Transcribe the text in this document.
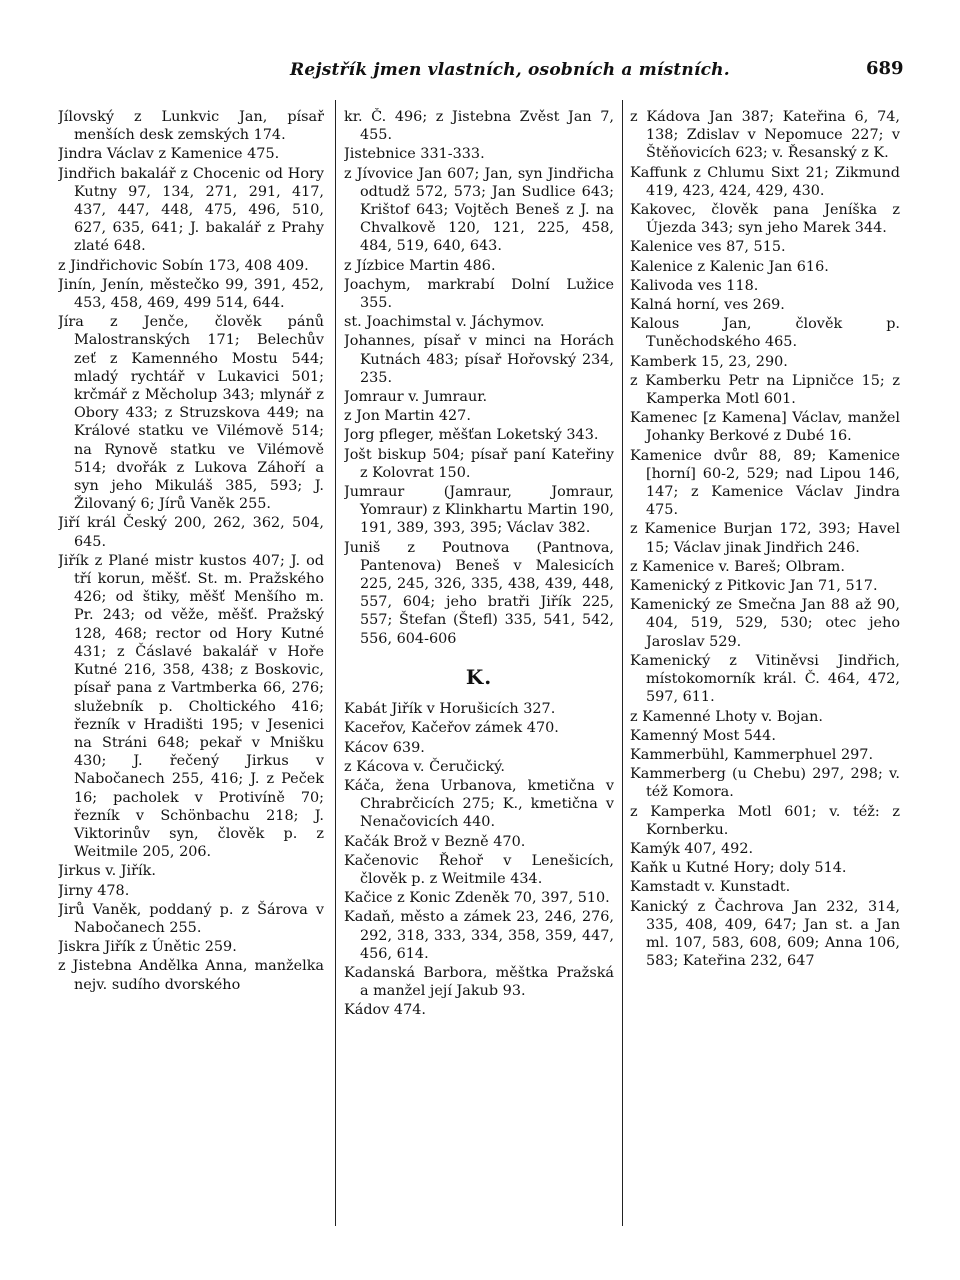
Rejstřík jmen vlastních, osobních a místních.	689
Jílovský z Lunkvic Jan, písař menších desk zemských 174.
Jindra Václav z Kamenice 475.
Jindřich bakalář z Chocenic od Hory Kutny 97, 134, 271, 291, 417, 437, 447, 448, 475, 496, 510, 627, 635, 641; J. bakalář z Prahy zlaté 648.
z Jindřichovic Sobín 173, 408 409.
Jinín, Jenín, městečko 99, 391, 452, 453, 458, 469, 499 514, 644.
Jíra z Jenče, člověk pánů Malostranských 171; Belechův zeť z Kamenného Mostu 544; mladý rychtář v Lukavici 501; krčmář z Měcholup 343; mlynář z Obory 433; z Struzskova 449; na Králové statku ve Vilémově 514; na Rynově statku ve Vilémově 514; dvořák z Lukova Záhoří a syn jeho Mikuláš 385, 593; J. Žilovaný 6; Jírů Vaněk 255.
Jiří král Český 200, 262, 362, 504, 645.
Jiřík z Plané mistr kustos 407; J. od tří korun, měšť. St. m. Pražského 426; od štiky, měšť Menšího m. Pr. 243; od věže, měšť. Pražský 128, 468; rector od Hory Kutné 431; z Čáslavé bakalář v Hoře Kutné 216, 358, 438; z Boskovic, písař pana z Vartmberka 66, 276; služebník p. Choltického 416; řezník v Hradišti 195; v Jesenici na Stráni 648; pekař v Mnišku 430; J. řečený Jirkus v Nabočanech 255, 416; J. z Peček 16; pacholek v Protivíně 70; řezník v Schönbachu 218; J. Viktorinův syn, člověk p. z Weitmile 205, 206.
Jirkus v. Jiřík.
Jirny 478.
Jirů Vaněk, poddaný p. z Šárova v Nabočanech 255.
Jiskra Jiřík z Únětic 259.
z Jistebna Andělka Anna, manželka nejv. sudího dvorského
kr. Č. 496; z Jistebna Zvěst Jan 7, 455.
Jistebnice 331-333.
z Jívovice Jan 607; Jan, syn Jindřicha odtudž 572, 573; Jan Sudlice 643; Krištof 643; Vojtěch Beneš z J. na Chvalkově 120, 121, 225, 458, 484, 519, 640, 643.
z Jízbice Martin 486.
Joachym, markrabí Dolní Lužice 355.
st. Joachimstal v. Jáchymov.
Johannes, písař v minci na Horách Kutnách 483; písař Hořovský 234, 235.
Jomraur v. Jumraur.
z Jon Martin 427.
Jorg pfleger, měšťan Loketský 343.
Jošt biskup 504; písař paní Kateřiny z Kolovrat 150.
Jumraur (Jamraur, Jomraur, Yomraur) z Klinkhartu Martin 190, 191, 389, 393, 395; Václav 382.
Juniš z Poutnova (Pantnova, Pantenova) Beneš v Malesicích 225, 245, 326, 335, 438, 439, 448, 557, 604; jeho bratři Jiřík 225, 557; Štefan (Štefl) 335, 541, 542, 556, 604-606
K.
Kabát Jiřík v Horušicích 327.
Kaceřov, Kačeřov zámek 470.
Kácov 639.
z Kácova v. Čeručický.
Káča, žena Urbanova, kmetična v Chrabrčicích 275; K., kmetična v Nenačovicích 440.
Kačák Brož v Bezně 470.
Kačenovic Řehoř v Lenešicích, člověk p. z Weitmile 434.
Kačice z Konic Zdeněk 70, 397, 510.
Kadaň, město a zámek 23, 246, 276, 292, 318, 333, 334, 358, 359, 447, 456, 614.
Kadanská Barbora, měštka Pražská a manžel její Jakub 93.
Kádov 474.
z Kádova Jan 387; Kateřina 6, 74, 138; Zdislav v Nepomuce 227; v Štěňovicích 623; v. Řesanský z K.
Kaffunk z Chlumu Sixt 21; Zikmund 419, 423, 424, 429, 430.
Kakovec, člověk pana Jeníška z Újezda 343; syn jeho Marek 344.
Kalenice ves 87, 515.
Kalenice z Kalenic Jan 616.
Kalivoda ves 118.
Kalná horní, ves 269.
Kalous Jan, člověk p. Tuněchodského 465.
Kamberk 15, 23, 290.
z Kamberku Petr na Lipničce 15; z Kamperka Motl 601.
Kamenec [z Kamena] Václav, manžel Johanky Berkové z Dubé 16.
Kamenice dvůr 88, 89; Kamenice [horní] 60-2, 529; nad Lipou 146, 147; z Kamenice Václav Jindra 475.
z Kamenice Burjan 172, 393; Havel 15; Václav jinak Jindřich 246.
z Kamenice v. Bareš; Olbram.
Kamenický z Pitkovic Jan 71, 517.
Kamenický ze Smečna Jan 88 až 90, 404, 519, 529, 530; otec jeho Jaroslav 529.
Kamenický z Vitiněvsi Jindřich, místokomorník král. Č. 464, 472, 597, 611.
z Kamenné Lhoty v. Bojan.
Kamenný Most 544.
Kammerbühl, Kammerphuel 297.
Kammerberg (u Chebu) 297, 298; v. též Komora.
z Kamperka Motl 601; v. též: z Kornberku.
Kamýk 407, 492.
Kaňk u Kutné Hory; doly 514.
Kamstadt v. Kunstadt.
Kanický z Čachrova Jan 232, 314, 335, 408, 409, 647; Jan st. a Jan ml. 107, 583, 608, 609; Anna 106, 583; Kateřina 232, 647
